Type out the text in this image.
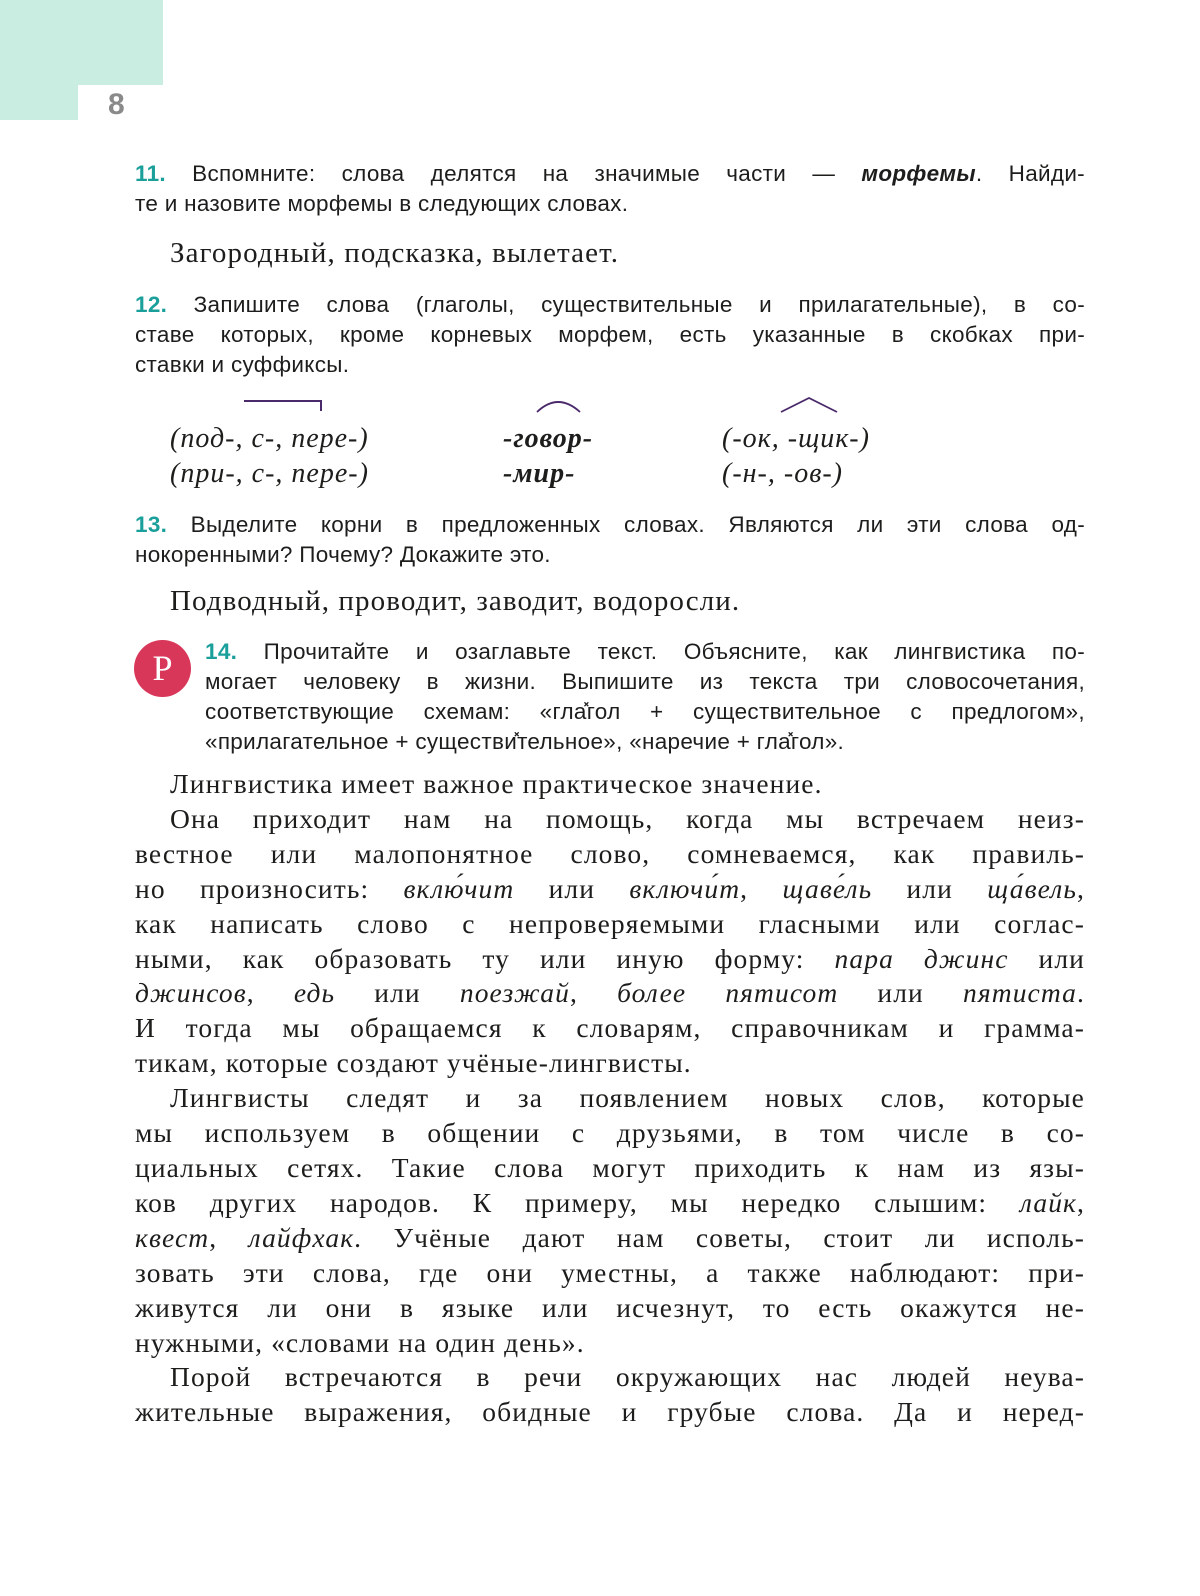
8
11. Вспомните: слова делятся на значимые части — морфемы. Найди-
те и назовите морфемы в следующих словах.
Загородный, подсказка, вылетает.
12. Запишите слова (глаголы, существительные и прилагательные), в со-
ставе которых, кроме корневых морфем, есть указанные в скобках при-
ставки и суффиксы.
(под-, с-, пере-)
(при-, с-, пере-)
-говор-
-мир-
(-ок, -щик-)
(-н-, -ов-)
13. Выделите корни в предложенных словах. Являются ли эти слова од-
нокоренными? Почему? Докажите это.
Подводный, проводит, заводит, водоросли.
Р	14. Прочитайте и озаглавьте текст. Объясните, как лингвистика по-
могает человеку в жизни. Выпишите из текста три словосочетания,
соответствующие схемам: «гла̽гол + существительное с предлогом»,
«прилагательное + существи̽тельное», «наречие + гла̽гол».
Лингвистика имеет важное практическое значение.
Она приходит нам на помощь, когда мы встречаем неиз-
вестное или малопонятное слово, сомневаемся, как правиль-
но произносить: вклю́чит или включи́т, щаве́ль или ща́вель,
как написать слово с непроверяемыми гласными или соглас-
ными, как образовать ту или иную форму: пара джинс или
джинсов, едь или поезжай, более пятисот или пятиста.
И тогда мы обращаемся к словарям, справочникам и грамма-
тикам, которые создают учёные-лингвисты.
Лингвисты следят и за появлением новых слов, которые
мы используем в общении с друзьями, в том числе в со-
циальных сетях. Такие слова могут приходить к нам из язы-
ков других народов. К примеру, мы нередко слышим: лайк,
квест, лайфхак. Учёные дают нам советы, стоит ли исполь-
зовать эти слова, где они уместны, а также наблюдают: при-
живутся ли они в языке или исчезнут, то есть окажутся не-
нужными, «словами на один день».
Порой встречаются в речи окружающих нас людей неува-
жительные выражения, обидные и грубые слова. Да и неред-
